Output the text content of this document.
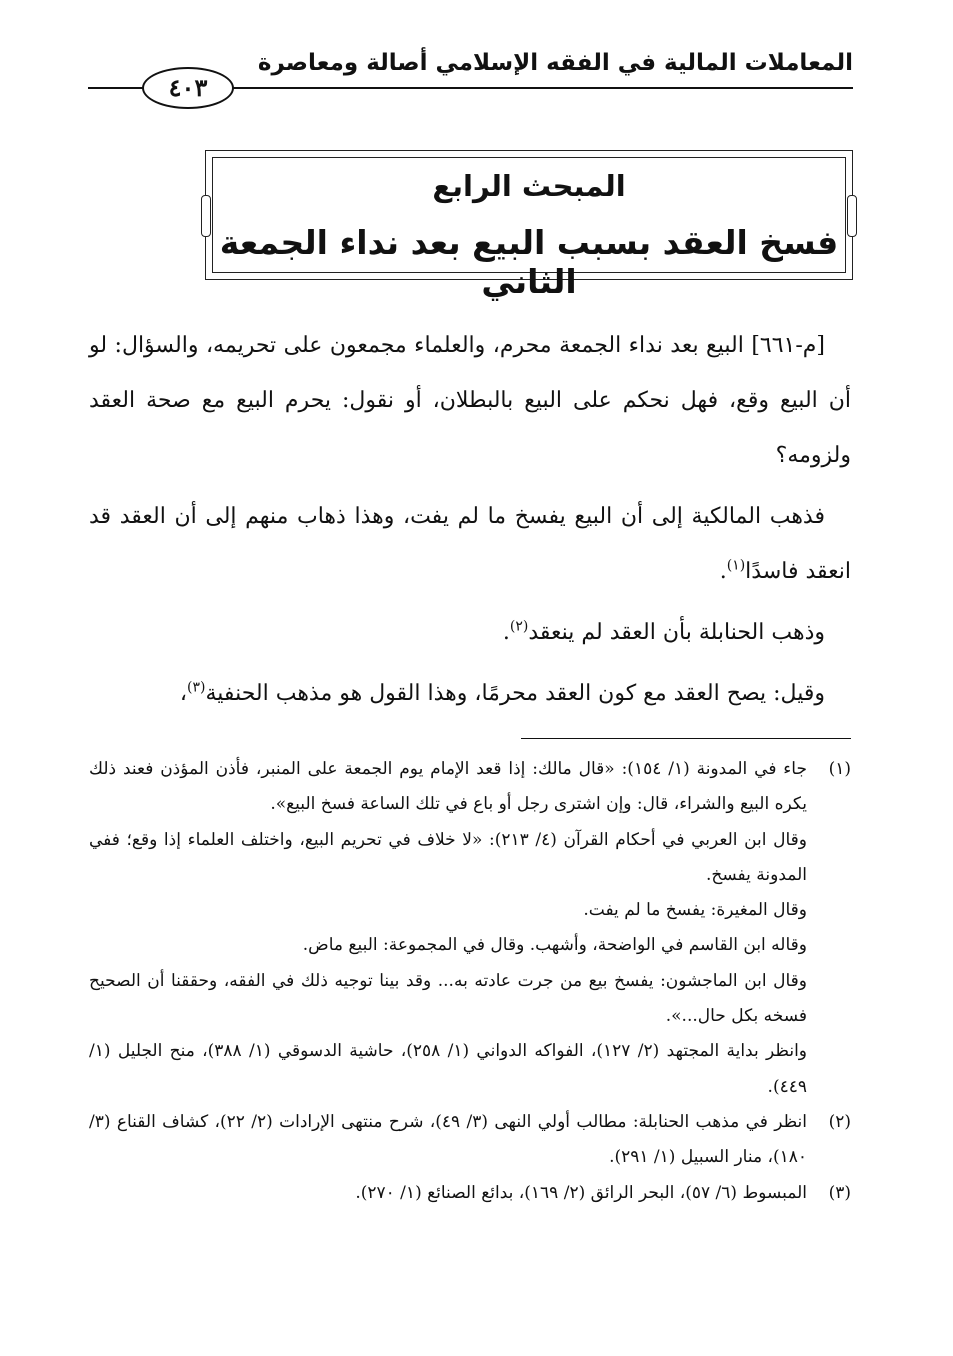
المعاملات المالية في الفقه الإسلامي أصالة ومعاصرة
٤٠٣
المبحث الرابع
فسخ العقد بسبب البيع بعد نداء الجمعة الثاني

[م-٦٦١] البيع بعد نداء الجمعة محرم، والعلماء مجمعون على تحريمه، والسؤال: لو أن البيع وقع، فهل نحكم على البيع بالبطلان، أو نقول: يحرم البيع مع صحة العقد ولزومه؟

فذهب المالكية إلى أن البيع يفسخ ما لم يفت، وهذا ذهاب منهم إلى أن العقد قد انعقد فاسدًا$^{(١)}$.

وذهب الحنابلة بأن العقد لم ينعقد$^{(٢)}$.

وقيل: يصح العقد مع كون العقد محرمًا، وهذا القول هو مذهب الحنفية$^{(٣)}$،

(١)

جاء في المدونة (١/ ١٥٤): «قال مالك: إذا قعد الإمام يوم الجمعة على المنبر، فأذن المؤذن فعند ذلك يكره البيع والشراء، قال: وإن اشترى رجل أو باع في تلك الساعة فسخ البيع».

وقال ابن العربي في أحكام القرآن (٤/ ٢١٣): «لا خلاف في تحريم البيع، واختلف العلماء إذا وقع؛ ففي المدونة يفسخ.

وقال المغيرة: يفسخ ما لم يفت.

وقاله ابن القاسم في الواضحة، وأشهب. وقال في المجموعة: البيع ماض.

وقال ابن الماجشون: يفسخ بيع من جرت عادته به... وقد بينا توجيه ذلك في الفقه، وحققنا أن الصحيح فسخه بكل حال...».

وانظر بداية المجتهد (٢/ ١٢٧)، الفواكه الدواني (١/ ٢٥٨)، حاشية الدسوقي (١/ ٣٨٨)، منح الجليل (١/ ٤٤٩).

(٢)

انظر في مذهب الحنابلة: مطالب أولي النهى (٣/ ٤٩)، شرح منتهى الإرادات (٢/ ٢٢)، كشاف القناع (٣/ ١٨٠)، منار السبيل (١/ ٢٩١).

(٣)

المبسوط (٦/ ٥٧)، البحر الرائق (٢/ ١٦٩)، بدائع الصنائع (١/ ٢٧٠).
